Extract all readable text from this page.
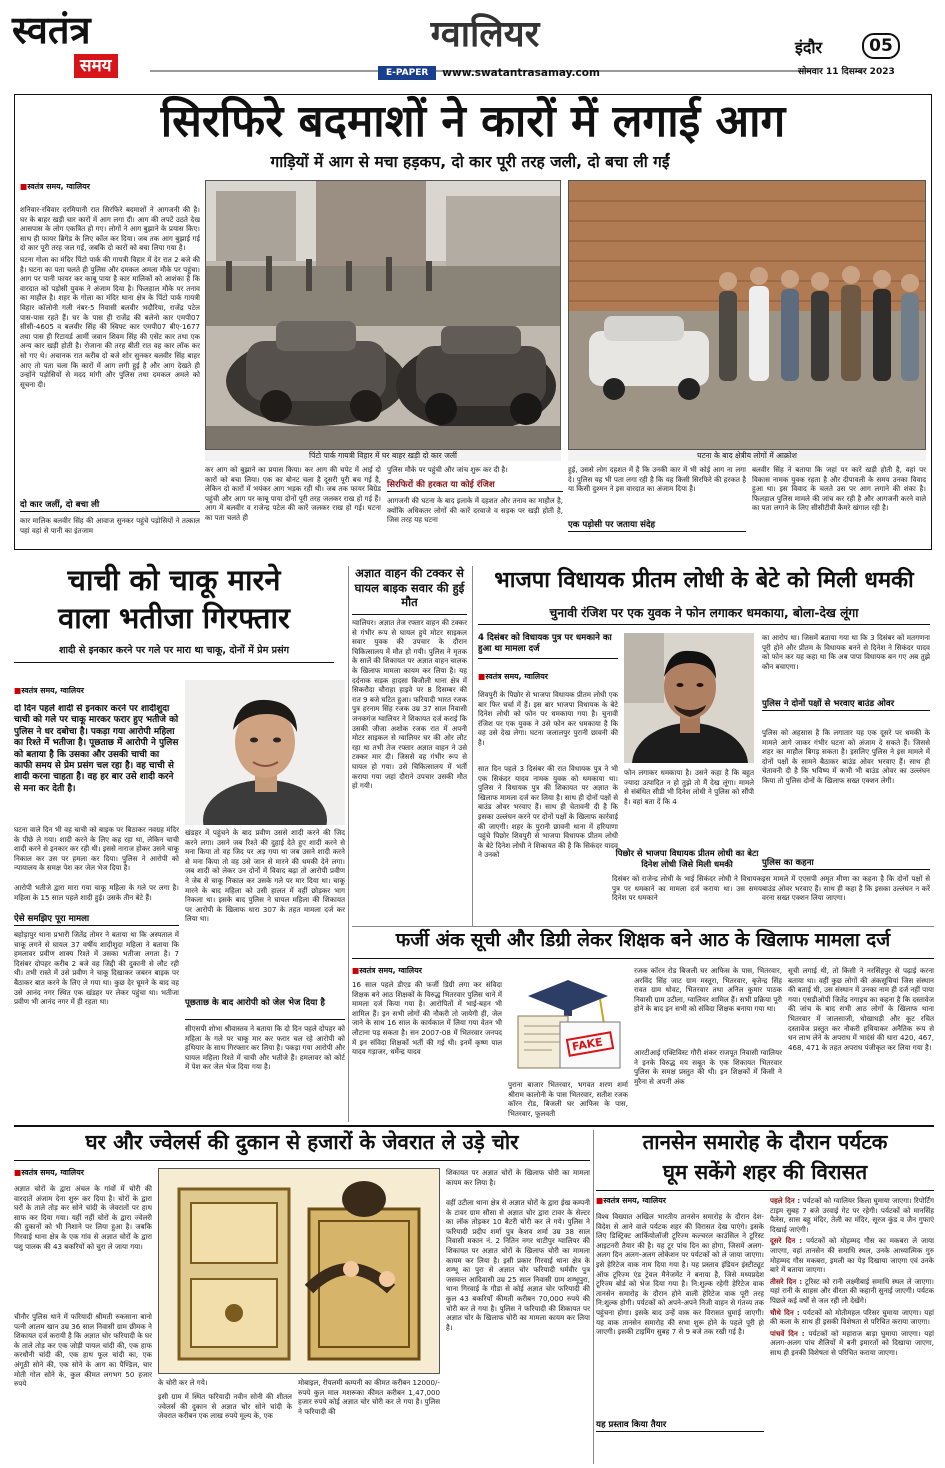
स्वतंत्र
समय
ग्वालियर
E-PAPER	www.swatantrasamay.com
इंदौर	05
सोमवार 11 दिसम्बर 2023
सिरफिरे बदमाशों ने कारों में लगाई आग
गाड़ियों में आग से मचा हड़कप, दो कार पूरी तरह जली, दो बचा ली गईं
■ स्वतंत्र समय, ग्वालियर

शनिवार-रविवार दरमियानी रात सिरफिरे बदमाशों ने आगजनी की है। घर के बाहर खड़ी चार कारों में आग लगा दी। आग की लपटें उठते देख आसपास के लोग एकत्रित हो गए। लोगों ने आग बुझाने के प्रयास किए। साथ ही फायर ब्रिगेड के लिए कॉल कर दिया। जब तक आग बुझाई गई दो कार पूरी तरह जल गईं, जबकि दो कारों को बचा लिया गया है।

घटना गोला का मंदिर पिंटो पार्क की गायत्री विहार में देर रात 2 बजे की है। घटना का पता चलते ही पुलिस और दमकल अमला मौके पर पहुंचा। आग पर पानी फायर कर काबू पाया है कार मालिकों को आशंका है कि वारदात को पड़ोसी युवक ने अंजाम दिया है। फिलहाल मौके पर तनाव का माहौल है। शहर के गोला का मंदिर थाना क्षेत्र के पिंटो पार्क गायत्री विहार कॉलोनी गली नंबर-5 निवासी बलवीर भदौरिया, राजेंद्र पटेल पास-पास रहते हैं। घर के पास ही राजेंद्र की बलेनो कार एमपी07 सीसी-4605 व बलवीर सिंह की स्विफ्ट कार एमपी07 बीए-1677 तथा पास ही रिटायर्ड आर्मी जवान शिवम सिंह की एसेंट कार तथा एक अन्य कार खड़ी होती है। रोजाना की तरह बीती रात वह कार लॉक कर सो गए थे। अचानक रात करीब दो बजे शोर सुनकर बलवीर सिंह बाहर आए तो पता चला कि कारों में आग लगी हुई है और आग देखते ही उन्होंने पड़ोसियों से मदद मांगी और पुलिस तथा दमकल अमले को सूचना दी।

दो कार जलीं, दो बचा ली
कार मालिक बलवीर सिंह की आवाज सुनकर पहुंचे पड़ोसियों ने तत्काल पहां वहां से पानी का इंतजाम
पिंटो पार्क गायत्री विहार में घर बाहर खड़ी दो कार जलीं	घटना के बाद क्षेत्रीय लोगों में आक्रोश
कर आग को बुझाने का प्रयास किया। कर आग की चपेट में आई दो कारों को बचा लिया। एक का बोनट चला है दूसरी पूरी बच गई है, लेकिन दो कारों में भयंकर आग भड़क रही थी। जब तक फायर बिग्रेड पहुंची और आग पर काबू पाया दोनों पूरी तरह जलकर राख हो गई हैं। आग में बलवीर व राजेन्द्र पटेल की कारें जलकर राख हो गई। घटना का पता चलते ही
पुलिस मौके पर पहुंची और जांच शुरू कर दी है।
सिरफिरों की हरकत या कोई रंजिश
आगजनी की घटना के बाद इलाके में दहशत और तनाव का माहौल है, क्योंकि अधिकतर लोगों की कारें दरवाजे व सड़क पर खड़ी होती है, जिस तरह यह घटना
हुई, उससे लोग दहशत में है कि उनकी कार में भी कोई आग ना लगा दे। पुलिस यह भी पता लगा रही है कि यह किसी सिरफिरे की हरकत है या किसी दुश्मन ने इस वारदात का अंजाम दिया है।
एक पड़ोसी पर जताया संदेह
बलवीर सिंह ने बताया कि जहां पर कारें खड़ी होती है, वहां पर विकास नामक युवक रहता है और दीपावली के समय उनका विवाद हुआ था। इस विवाद के चलते उस पर आग लगाने की शंका है। फिलहाल पुलिस मामले की जांच कर रही है और आगजनी करने वाले का पता लगाने के लिए सीसीटीवी कैमरे खंगाल रही है।
चाची को चाकू मारने
वाला भतीजा गिरफ्तार
शादी से इनकार करने पर गले पर मारा था चाकू, दोनों में प्रेम प्रसंग
■ स्वतंत्र समय, ग्वालियर
दो दिन पहले शादी से इनकार करने पर शादीशुदा चाची को गले पर चाकू मारकर फरार हुए भतीजे को पुलिस ने धर दबोचा है। पकड़ा गया आरोपी महिला का रिश्ते में भतीजा है। पूछताछ में आरोपी ने पुलिस को बताया है कि उसका और उसकी चाची का काफी समय से प्रेम प्रसंग चल रहा है। वह चाची से शादी करना चाहता है। वह हर बार उसे शादी करने से मना कर देती है।
घटना वाले दिन भी वह चाची को बाइक पर बिठाकर नवग्रह मंदिर के पीछे ले गया। शादी करने के लिए कह रहा था, लेकिन चाची शादी करने से इनकार कर रही थी। इससे नाराज होकर उसने चाकू निकाल कर उस पर हमला कर दिया। पुलिस ने आरोपी को न्यायालय के समक्ष पेश कर जेल भेज दिया है।
आरोपी भतीजे द्वारा मारा गया चाकू महिला के गले पर लगा है। महिला के 15 साल पहले शादी हुई। उसके तीन बेटे हैं।
ऐसे समझिए पूरा मामला
बहोड़ापुर थाना प्रभारी जितेंद्र तोमर ने बताया था कि अस्पताल में चाकू लगने से घायल 37 वर्षीय शादीशुदा महिला ने बताया कि हमलावर प्रवीण शाक्य रिश्ते में उसका भतीजा लगता है। 7 दिसंबर दोपहर करीब 2 बजे वह जिद्दी की दुकानी से लौट रही थी। तभी रास्ते में उसे प्रवीण ने चाकू दिखाकर जबरन बाइक पर बैठाकर बात करने के लिए ले गया था। कुछ देर घूमने के बाद वह उसे आनंद नगर स्थित एक खंडहर पर लेकर पहुंचा था। भतीजा प्रवीण भी आनंद नगर में ही रहता था।
खंडहर में पहुंचने के बाद प्रवीण उससे शादी करने की जिद करने लगा। उसने जब रिश्ते की दुहाई देते हुए शादी करने से मना किया तो वह जिद पर अड़ गया था जब उसने शादी करने से मना किया तो वह उसे जान से मारने की धमकी देने लगा। जब शादी को लेकर उन दोनों में विवाद बढ़ा तो आरोपी प्रवीण ने जेब से चाकू निकाल कर उसके गले पर मार दिया था। चाकू मारने के बाद महिला को उसी हालत में वहीं छोड़कर भाग निकला था। इसके बाद पुलिस ने घायल महिला की शिकायत पर आरोपी के खिलाफ धारा 307 के तहत मामला दर्ज कर लिया था।
पूछताछ के बाद आरोपी को जेल भेज दिया है
सीएसपी शोभा श्रीवास्तव ने बताया कि दो दिन पहले दोपहर को महिला के गले पर चाकू मार कर फरार चल रहे आरोपी को हथियार के साथ गिरफ्तार कर लिया है। पकड़ा गया आरोपी और घायल महिला रिश्ते में चाची और भतीजे हैं। हमलावर को कोर्ट में पेश कर जेल भेज दिया गया है।
अज्ञात वाहन की टक्कर से घायल बाइक सवार की हुई मौत
ग्वालियर। अज्ञात तेज रफ्तार वाहन की टक्कर से गंभीर रूप से घायल हुये मोटर साइकल सवार युवक की उपचार के दौरान चिकित्सालय में मौत हो गयी। पुलिस ने मृतक के सालें की शिकायत पर अज्ञात वाहन चालक के खिलाफ मामला कायम कर लिया है। यह दर्दनाक सड़क हादसा बिजौली थाना क्षेत्र में सिकरौदा चौराहा हाइवे पर 8 दिसम्बर की रात 9 बजे घटित हुआ। फरियादी भारत रजक पुत्र हरनाम सिंह रजक उम्र 37 साल निवासी जनकगंज ग्वालियर ने शिकायत दर्ज कराई कि उसकी जीजा अशोक रजक रात में अपनी मोटर साइकल से ग्वालियर घर की ओर लौट रहा था तभी तेज रफ्तार अज्ञात वाहन ने उसे टक्कर मार दी। जिससे वह गंभीर रूप से घायल हो गया। उसे चिकित्सालय में भर्ती कराया गया जहां दौराने उपचार उसकी मौत हो गयी।
भाजपा विधायक प्रीतम लोधी के बेटे को मिली धमकी
चुनावी रंजिश पर एक युवक ने फोन लगाकर धमकाया, बोला-देख लूंगा
4 दिसंबर को विधायक पुत्र पर धमकाने का हुआ था मामला दर्ज
■ स्वतंत्र समय, ग्वालियर
शिवपुरी के पिछोर से भाजपा विधायक प्रीतम लोधी एक बार फिर चर्चा में हैं। इस बार भाजपा विधायक के बेटे दिनेश लोधी को फोन पर धमकाया गया है। चुनावी रंजिश पर एक युवक ने उसे फोन कर धमकाया है कि वह उसे देख लेगा। घटना जलालपुर पुरानी छावनी की है।
सात दिन पहले 3 दिसंबर की रात विधायक पुत्र ने भी एक सिकंदर यादव नामक युवक को धमकाया था। पुलिस ने विधायक पुत्र की शिकायत पर अज्ञात के खिलाफ मामला दर्ज कर लिया है। साथ ही दोनों पक्षों से बाउंड ओवर भरवाए हैं। साथ ही चेतावनी दी है कि इसका उल्लंघन करने पर दोनों पक्षों के खिलाफ कार्रवाई की जाएगी। शहर के पुरानी छावनी थाना में हरियाणा पहुंचे पिछोर शिवपुरी से भाजपा विधायक प्रीतम लोधी के बेटे दिनेश लोधी ने शिकायत की है कि सिकंदर यादव ने उनको
फोन लगाकर धमकाया है। उसने कहा है कि बहुत ज्यादा उत्पादित न हो तुझे तो मैं देख लूंगा। मामले से संबंधित सीडी भी दिनेश लोधी ने पुलिस को सौंपी है। वहां बता दें कि 4
पिछोर से भाजपा विधायक प्रीतम लोधी का बेटा दिनेश लोधी जिसे मिली धमकी
दिसंबर को राजेन्द्र लोधी के भाई सिकंदर लोधी ने विधायक पुत्र पर धमकाने का मामला दर्ज कराया था। उस समय दिनेश पर धमकाने
का आरोप था। जिसमें बताया गया था कि 3 दिसंबर को मतगणना पूरी होने और प्रीतम के विधायक बनने से दिनेश ने सिकंदर यादव को फोन कर यह कहा था कि अब पापा विधायक बन गए अब तुझे कौन बचाएगा।
पुलिस ने दोनों पक्षों से भरवाए बाउंड ओवर
पुलिस को अहसास है कि लगातार यह एक दूसरे पर धमकी के मामले आगे जाकर गंभीर घटना को अंजाम दे सकते हैं। जिससे शहर का माहौल बिगड़ सकता है। इसलिए पुलिस ने इस मामले में दोनों पक्षों के सामने बैठाकर बाउंड ओवर भरवाए हैं। साथ ही चेतावनी दी है कि भविष्य में कभी भी बाउंड ओवर का उल्लंघन किया तो पुलिस दोनों के खिलाफ सख्त एक्शन लेगी।
पुलिस का कहना
इस मामले में एएसपी अमृत मीणा का कहना है कि दोनों पक्षों से बाउंड ओवर भरवाए हैं। साथ ही कहा है कि इसका उल्लंघन न करें वरना सख्त एक्शन लिया जाएगा।
फर्जी अंक सूची और डिग्री लेकर शिक्षक बने आठ के खिलाफ मामला दर्ज
■ स्वतंत्र समय, ग्वालियर
16 साल पहले डीएड की फर्जी डिग्री लगा कर संविदा शिक्षक बने आठ शिक्षकों के विरुद्ध भितरवार पुलिस थाने में मामला दर्ज किया गया है। आरोपितों में भाई-बहन भी शामिल हैं। इन सभी लोगों की नौकरी तो जायेगी ही, जेल जाने के साथ 16 साल के कार्यकाल में लिया गया वेतन भी लौटाना पड़ सकता है। सन 2007-08 में भितरवार जनपद में इन संविदा शिक्षकों भर्ती की गई थी। इनमें कृष्ण पाल यादव गड़ाजर, धर्मेन्द्र यादव	FAKE
पुराना बाजार भितरवार, भगवत शरण शर्मा श्रीराम कालोनी के पास भितरवार, सतीश रजक कॉरन रोड, बिजली घर आफिस के पास, भितरवार, फूलवती
रजक कॉरन रोड बिजली घर आफिस के पास, भितरवार, अरविंद सिंह जाट ग्राम मस्तूरा, भितरवार, बृजेन्द्र सिंह रावत ग्राम धोवट, भितरवार तथा अनिल कुमार पाठक निवासी ग्राम उटीला, ग्वालियर शामिल हैं। सभी प्रक्रिया पूरी होने के बाद इन सभी को संविदा शिक्षक बनाया गया था।
आरटीआई एक्टिविस्ट गौरी शंकर राजपूत निवासी ग्वालियर ने इनके विरुद्ध मय सबूत के एक शिकायत भितरवार पुलिस के समक्ष प्रस्तुत की थी। इन शिक्षकों में किसी ने मुरैना से अपनी अंक
सूची लगाई थी, तो किसी ने नरसिंहपुर से पढ़ाई करना बताया था। वहीं कुछ लोगों की अंकसूचियां जिस संस्थान की बताई थी, उस संस्थान में उनका नाम ही दर्ज नहीं पाया गया। एसडीओपी जितेंद्र नगाइच का कहना है कि दस्तावेज की जांच के बाद सभी आठ लोगों के खिलाफ थाना भितरवार में जालसाजी, धोखाधड़ी और कूट रचित दस्तावेज प्रस्तुत कर नौकरी हथियाकर अनैतिक रूप से धन लाभ लेने के अपराध में भादंसं की धारा 420, 467, 468, 471 के तहत अपराध पंजीकृत कर लिया गया है।
घर और ज्वेलर्स की दुकान से हजारों के जेवरात ले उड़े चोर
■ स्वतंत्र समय, ग्वालियर
अज्ञात चोरों के द्वारा अंचल के गांवों में चोरी की वारदातें अंजाम देना शुरू कर दिया है। चोरों के द्वारा घरों के ताले तोड़ कर सोने चांदी के जेवरातों पर हाथ साफ कर दिया गया। यहीं नहीं चोरों के द्वारा ज्वेलरी की दुकानों को भी निशाने पर लिया हुआ है। जबकि गिरवाई थाना क्षेत्र के एक गांव से अज्ञात चोरों के द्वारा पशु पालक की 43 बकरियों को चुरा ले जाया गया।
चीनौर पुलिस थाने में फरियादी श्रीमती रुकसाना बानो पत्नी आलम खान उम्र 36 साल निवासी ग्राम छीमक ने शिकायत दर्ज करायी है कि अज्ञात चोर फरियादी के घर के ताले तोड़ कर एक जोड़ी पायल चांदी की, एक हाफ करधौनी चांदी की, एक हाथ फूल चांदी का, एक अंगूठी सोने की, एक सोने के आग का पैण्डिल, चार मोती गोल सोने के, कुल कीमत लगभग 50 हजार रुपये	के चोरी कर ले गये।
इसी ग्राम में स्थित फरियादी नवीन सोनी की शीतल ज्वेलर्स की दुकान से अज्ञात चोर सोने चांदी के जेवरात करीबन एक लाख रुपये मूल्य के, एक
मोबाइल, रीयलमी कम्पनी का कीमत करीबन 12000/- रुपये कुल माल मशरूका कीमत करीबन 1,47,000 हजार रुपये कोई अज्ञात चोर चोरी कर ले गया है। पुलिस ने फरियादी की
शिकायत पर अज्ञात चोरों के खिलाफ चोरी का मामला कायम कर लिया है।
वहीं उटीला थाना क्षेत्र से अज्ञात चोरों के द्वारा ईख कम्पनी के टावर ग्राम सौसा से अज्ञात चोर द्वारा टावर के सेल्टर का लॉक तोड़कर 10 बैटरी चोरी कर ले गये। पुलिस ने फरियादी प्रदीप शर्मा पुत्र केशव शर्मा उम्र 38 साल निवासी मकान नं. 2 नितिन नगर थाटीपुर ग्वालियर की शिकायत पर अज्ञात चोरों के खिलाफ चोरी का मामला कायम कर लिया है। इसी प्रकार गिरवाई थाना क्षेत्र के शम्भू का पुरा से अज्ञात चोर फरियादी धर्मवीर पुत्र जसवन्त आदिवासी उम्र 25 साल निवासी ग्राम शम्भूपुरा, थाना गिरवाई के गौडा से कोई अज्ञात चोर फरियादी की कुल 43 बकरियाँ कीमती करीबन 70,000 रुपये की चोरी कर ले गया है। पुलिस ने फरियादी की शिकायत पर अज्ञात चोर के खिलाफ चोरी का मामला कायम कर लिया है।
तानसेन समारोह के दौरान पर्यटक
घूम सकेंगे शहर की विरासत
■ स्वतंत्र समय, ग्वालियर
विश्व विख्यात अखिल भारतीय तानसेन समारोह के दौरान देश-विदेश से आने वाले पर्यटक शहर की विरासत देख पाएंगे। इसके लिए डिस्ट्रिक्ट आर्कियोलॉजी टूरिज्म कल्चरल काउंसिल ने टूरिस्ट आइटनरी तैयार की है। यह टूर पांच दिन का होगा, जिसमें अलग-अलग दिन अलग-अलग लोकेशन पर पर्यटकों को ले जाया जाएगा। इसे हेरिटेज वाक नाम दिया गया है। यह प्रस्ताव इंडियन इंस्टीट्यूट ऑफ टूरिज्म एंड ट्रेवल मैनेजमेंट ने बनाया है, जिसे मध्यप्रदेश टूरिज्म बोर्ड को भेज दिया गया है। नि:शुल्क रहेगी हेरिटेज वाक तानसेन समारोह के दौरान होने वाली हेरिटेज वाक पूरी तरह नि:शुल्क होगी। पर्यटकों को अपने-अपने निजी वाहन से गंतव्य तक पहुंचना होगा। इसके बाद उन्हें वाक कर विरासत घुमाई जाएगी। यह वाक तानसेन समारोह की सभा शुरू होने के पहले पूरी हो जाएगी। इसकी टाइमिंग सुबह 7 से 9 बजे तक रखी गई है।
यह प्रस्ताव किया तैयार

पहले दिन : पर्यटकों को ग्वालियर किला घुमाया जाएगा। रिपोर्टिंग टाइम सुबह 7 बजे उरवाई गेट पर रहेगी। पर्यटकों को मानसिंह पैलेस, सास बहू मंदिर, तेली का मंदिर, सूरज कुंड व जैन गुफाएं दिखाई जाएंगी।

दूसरे दिन : पर्यटकों को मोहम्मद गौस का मकबरा ले जाया जाएगा, वहां तानसेन की समाधि स्थल, उनके आध्यात्मिक गुरु मोहम्मद गौस मकबरा, इमली का पेड़ दिखाया जाएगा एवं उनके बारे में बताया जाएगा।

तीसरे दिन : टूरिस्ट को रानी लक्ष्मीबाई समाधि स्थल ले जाएगा। यहां रानी के साहस और वीरता की कहानी सुनाई जाएगी। पर्यटक पिछले कई वर्षों से जल रही लौ देखेंगे।

चौथे दिन : पर्यटकों को मोतीमहल परिसर घुमाया जाएगा। यहां की कला के साथ ही इसकी विशेषता से परिचित कराया जाएगा।

पांचवें दिन : पर्यटकों को महाराज बाड़ा घुमाया जाएगा। यहां अलग-अलग पांच शैलियों में बनी इमारतों को दिखाया जाएगा, साथ ही इनकी विशेषता से परिचित कराया जाएगा।
